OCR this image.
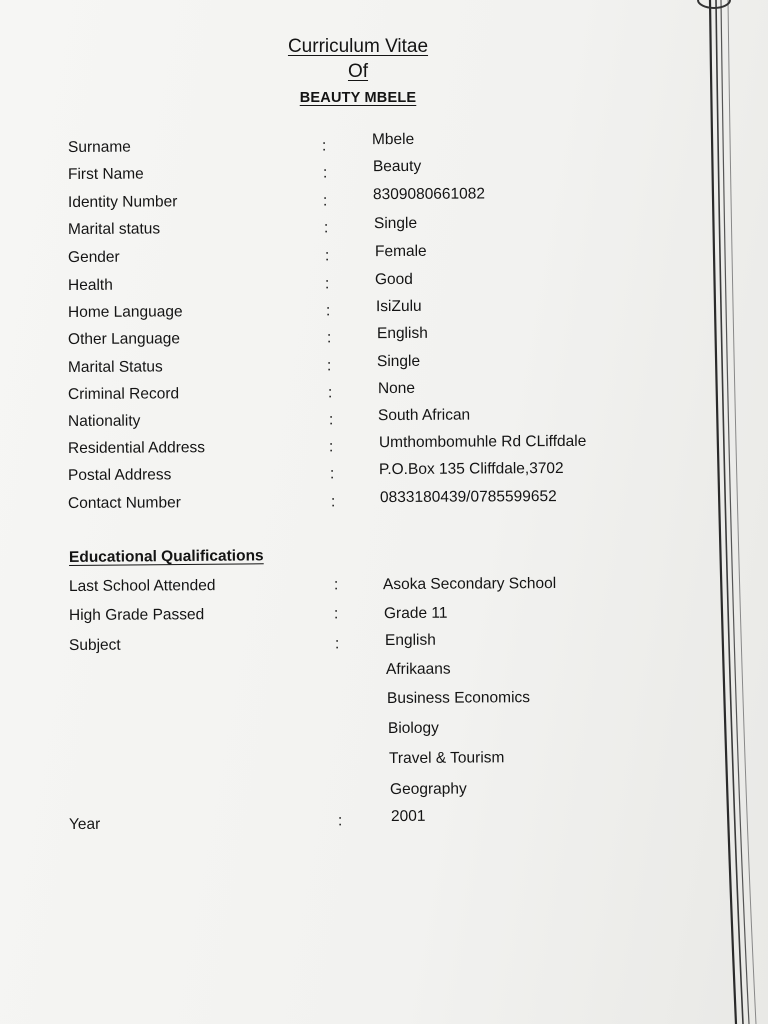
Curriculum Vitae
Of
BEAUTY MBELE
Surname	:	Mbele
First Name	:	Beauty
Identity Number	:	8309080661082
Marital status	:	Single
Gender	:	Female
Health	:	Good
Home Language	:	IsiZulu
Other Language	:	English
Marital Status	:	Single
Criminal Record	:	None
Nationality	:	South African
Residential Address	:	Umthombomuhle Rd CLiffdale
Postal Address	:	P.O.Box 135 Cliffdale,3702
Contact Number	:	0833180439/0785599652
Educational Qualifications
Last School Attended	:	Asoka Secondary School
High Grade Passed	:	Grade 11
Subject	:	English
Afrikaans
Business Economics
Biology
Travel & Tourism
Geography
Year	:	2001
